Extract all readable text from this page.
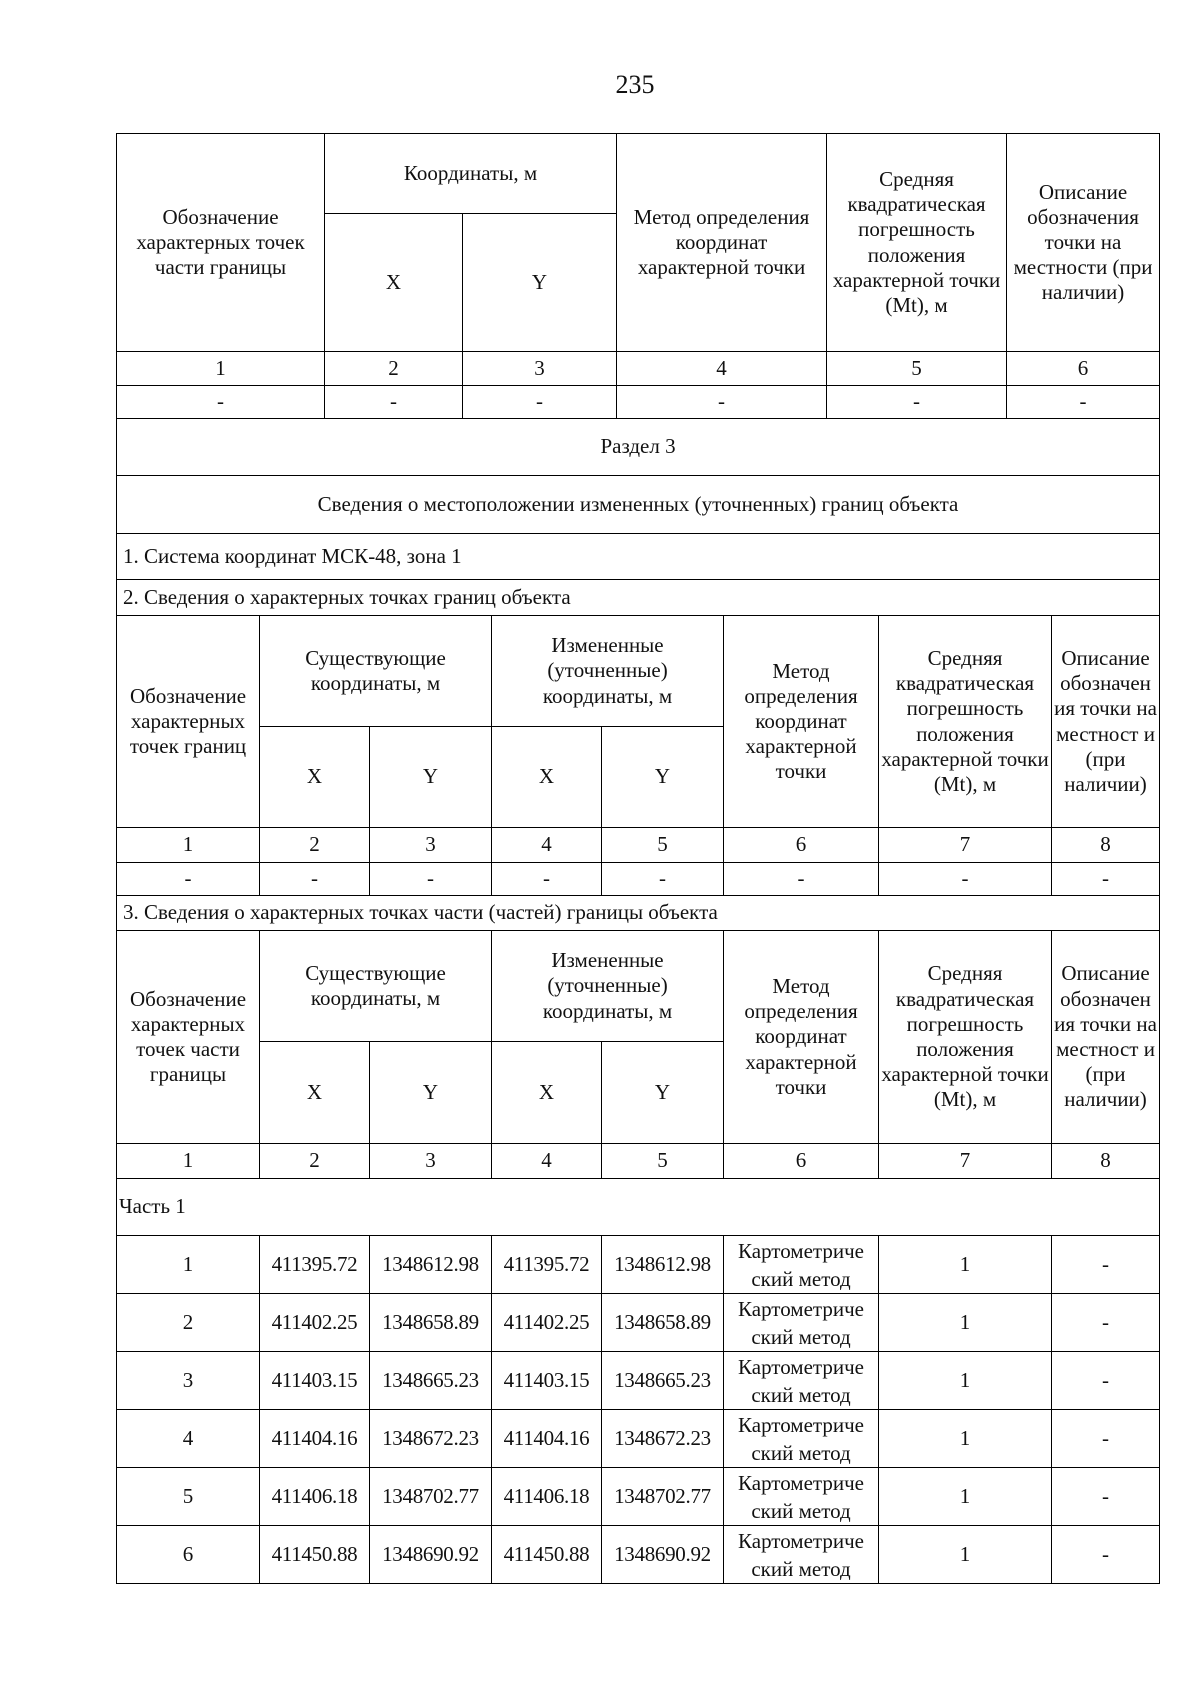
235
Обозначение характерных точек части границы	Координаты, м		Метод определения координат характерной точки	Средняя квадратическая погрешность положения характерной точки (Mt), м	Описание обозначения точки на местности (при наличии)
	X	Y			
1	2	3	4	5	6
-	-	-	-	-	-
Раздел 3							
Сведения о местоположении измененных (уточненных) границ объекта							
1. Система координат МСК-48, зона 1							
2. Сведения о характерных точках границ объекта							
Обозначение характерных точек границ	Существующие координаты, м		Измененные (уточненные) координаты, м		Метод определения координат характерной точки	Средняя квадратическая погрешность положения характерной точки (Mt), м	Описание обозначен ия точки на местност и (при наличии)
	X	Y	X	Y			
1	2	3	4	5	6	7	8
-	-	-	-	-	-	-	-
3. Сведения о характерных точках части (частей) границы объекта							
Обозначение характерных точек части границы	Существующие координаты, м		Измененные (уточненные) координаты, м		Метод определения координат характерной точки	Средняя квадратическая погрешность положения характерной точки (Mt), м	Описание обозначен ия точки на местност и (при наличии)
	X	Y	X	Y			
1	2	3	4	5	6	7	8
Часть 1							
1	411395.72	1348612.98	411395.72	1348612.98	Картометриче ский метод	1	-
2	411402.25	1348658.89	411402.25	1348658.89	Картометриче ский метод	1	-
3	411403.15	1348665.23	411403.15	1348665.23	Картометриче ский метод	1	-
4	411404.16	1348672.23	411404.16	1348672.23	Картометриче ский метод	1	-
5	411406.18	1348702.77	411406.18	1348702.77	Картометриче ский метод	1	-
6	411450.88	1348690.92	411450.88	1348690.92	Картометриче ский метод	1	-
